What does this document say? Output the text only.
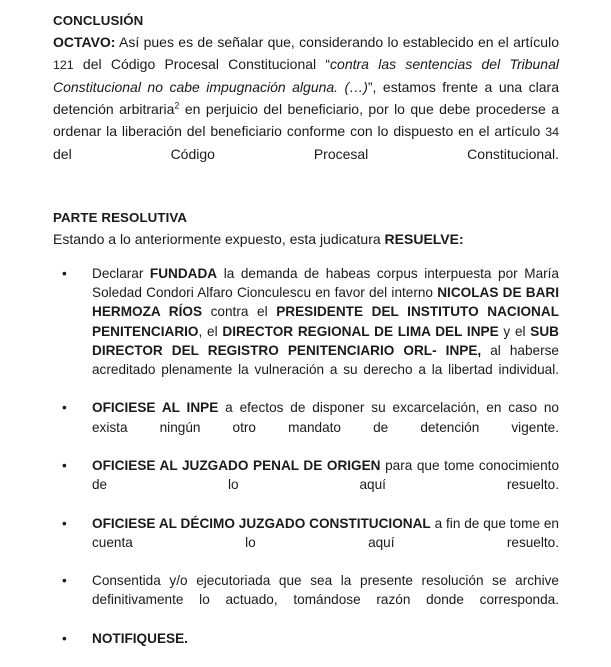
CONCLUSIÓN

OCTAVO: Así pues es de señalar que, considerando lo establecido en el artículo 121 del Código Procesal Constitucional “contra las sentencias del Tribunal Constitucional no cabe impugnación alguna. (…)”, estamos frente a una clara detención arbitraria$^2$ en perjuicio del beneficiario, por lo que debe procederse a ordenar la liberación del beneficiario conforme con lo dispuesto en el artículo 34 del Código Procesal Constitucional.

PARTE RESOLUTIVA

Estando a lo anteriormente expuesto, esta judicatura RESUELVE:

•	Declarar FUNDADA la demanda de habeas corpus interpuesta por María Soledad Condori Alfaro Cionculescu en favor del interno NICOLAS DE BARI HERMOZA RÍOS contra el PRESIDENTE DEL INSTITUTO NACIONAL PENITENCIARIO, el DIRECTOR REGIONAL DE LIMA DEL INPE y el SUB DIRECTOR DEL REGISTRO PENITENCIARIO ORL- INPE, al haberse acreditado plenamente la vulneración a su derecho a la libertad individual.
•	OFICIESE AL INPE a efectos de disponer su excarcelación, en caso no exista ningún otro mandato de detención vigente.
•	OFICIESE AL JUZGADO PENAL DE ORIGEN para que tome conocimiento de lo aquí resuelto.
•	OFICIESE AL DÉCIMO JUZGADO CONSTITUCIONAL a fin de que tome en cuenta lo aquí resuelto.
•	Consentida y/o ejecutoriada que sea la presente resolución se archive definitivamente lo actuado, tomándose razón donde corresponda.
•	NOTIFIQUESE.
